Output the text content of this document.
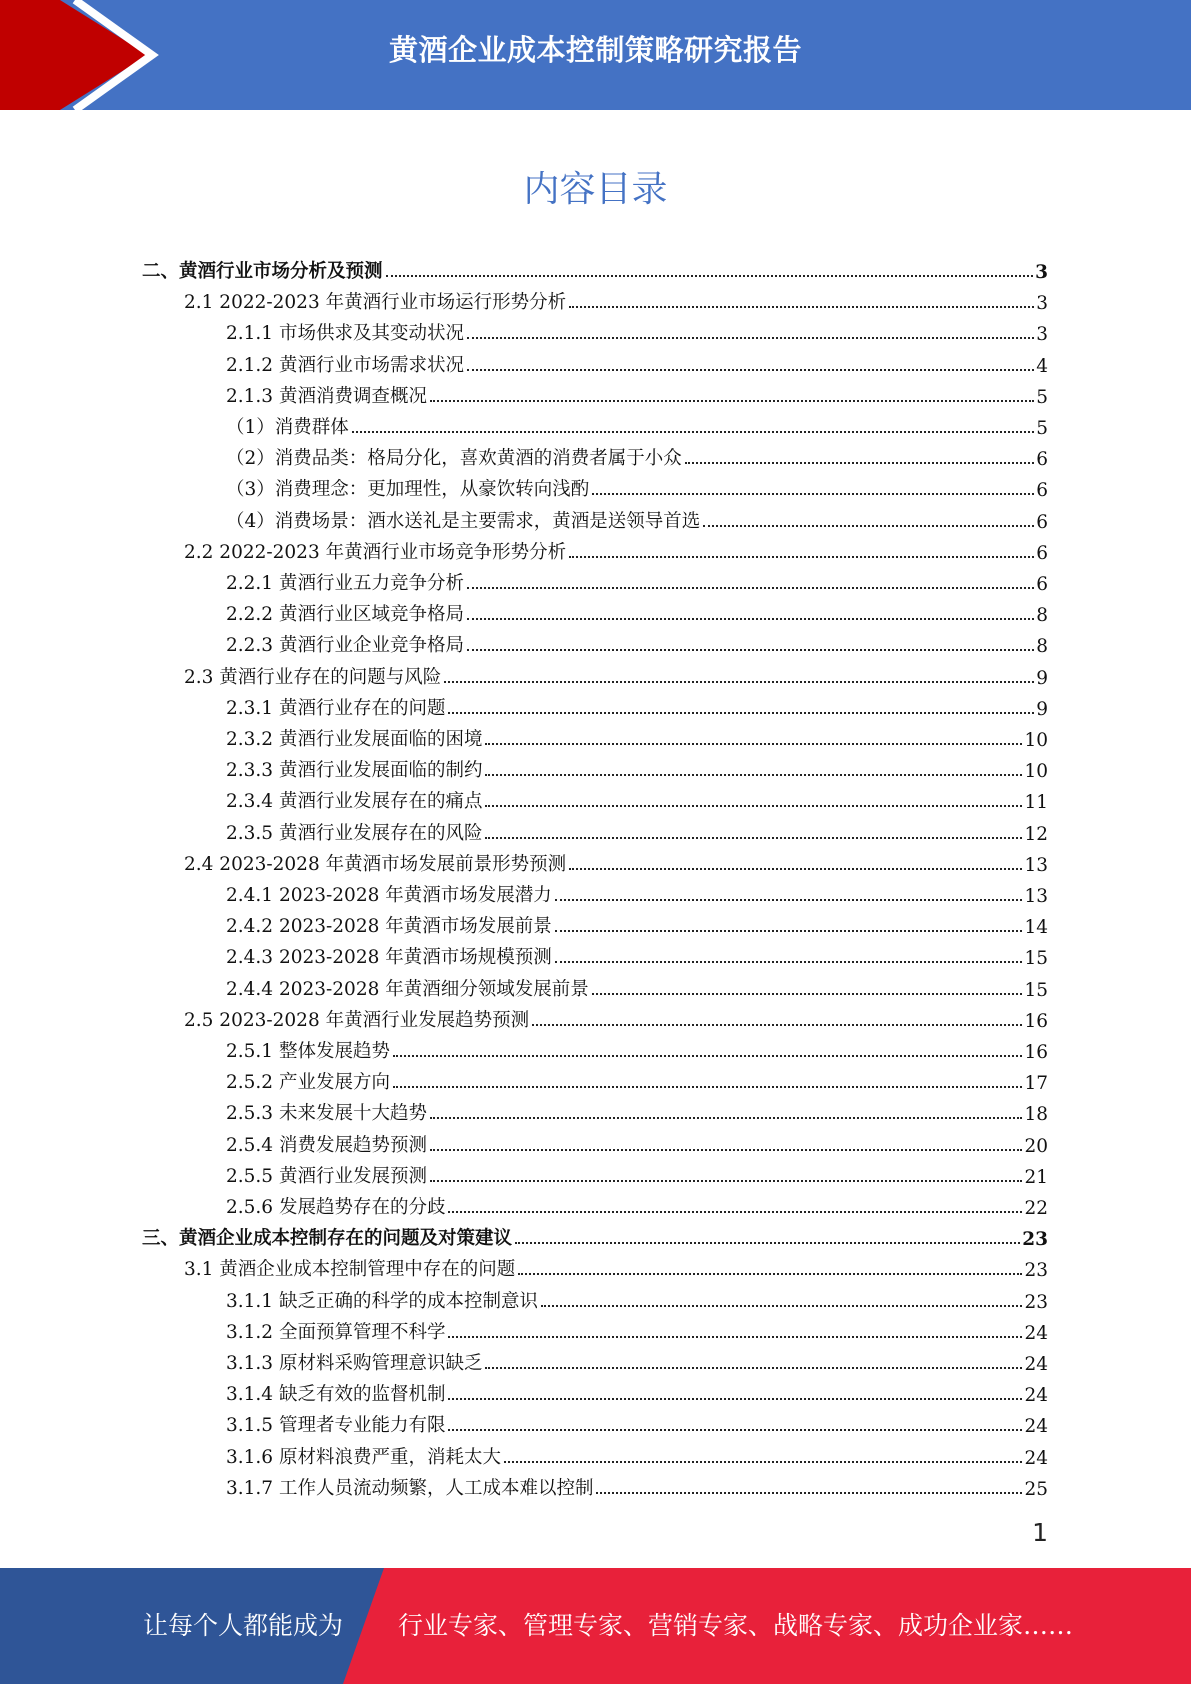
黄酒企业成本控制策略研究报告
内容目录
二、黄酒行业市场分析及预测	3
2.1 2022-2023 年黄酒行业市场运行形势分析	3
2.1.1 市场供求及其变动状况	3
2.1.2 黄酒行业市场需求状况	4
2.1.3 黄酒消费调查概况	5
（1）消费群体	5
（2）消费品类：格局分化，喜欢黄酒的消费者属于小众	6
（3）消费理念：更加理性，从豪饮转向浅酌	6
（4）消费场景：酒水送礼是主要需求，黄酒是送领导首选	6
2.2 2022-2023 年黄酒行业市场竞争形势分析	6
2.2.1 黄酒行业五力竞争分析	6
2.2.2 黄酒行业区域竞争格局	8
2.2.3 黄酒行业企业竞争格局	8
2.3 黄酒行业存在的问题与风险	9
2.3.1 黄酒行业存在的问题	9
2.3.2 黄酒行业发展面临的困境	10
2.3.3 黄酒行业发展面临的制约	10
2.3.4 黄酒行业发展存在的痛点	11
2.3.5 黄酒行业发展存在的风险	12
2.4 2023-2028 年黄酒市场发展前景形势预测	13
2.4.1 2023-2028 年黄酒市场发展潜力	13
2.4.2 2023-2028 年黄酒市场发展前景	14
2.4.3 2023-2028 年黄酒市场规模预测	15
2.4.4 2023-2028 年黄酒细分领域发展前景	15
2.5 2023-2028 年黄酒行业发展趋势预测	16
2.5.1 整体发展趋势	16
2.5.2 产业发展方向	17
2.5.3 未来发展十大趋势	18
2.5.4 消费发展趋势预测	20
2.5.5 黄酒行业发展预测	21
2.5.6 发展趋势存在的分歧	22
三、黄酒企业成本控制存在的问题及对策建议	23
3.1 黄酒企业成本控制管理中存在的问题	23
3.1.1 缺乏正确的科学的成本控制意识	23
3.1.2 全面预算管理不科学	24
3.1.3 原材料采购管理意识缺乏	24
3.1.4 缺乏有效的监督机制	24
3.1.5 管理者专业能力有限	24
3.1.6 原材料浪费严重，消耗太大	24
3.1.7 工作人员流动频繁，人工成本难以控制	25
1
让每个人都能成为 行业专家、管理专家、营销专家、战略专家、成功企业家……
